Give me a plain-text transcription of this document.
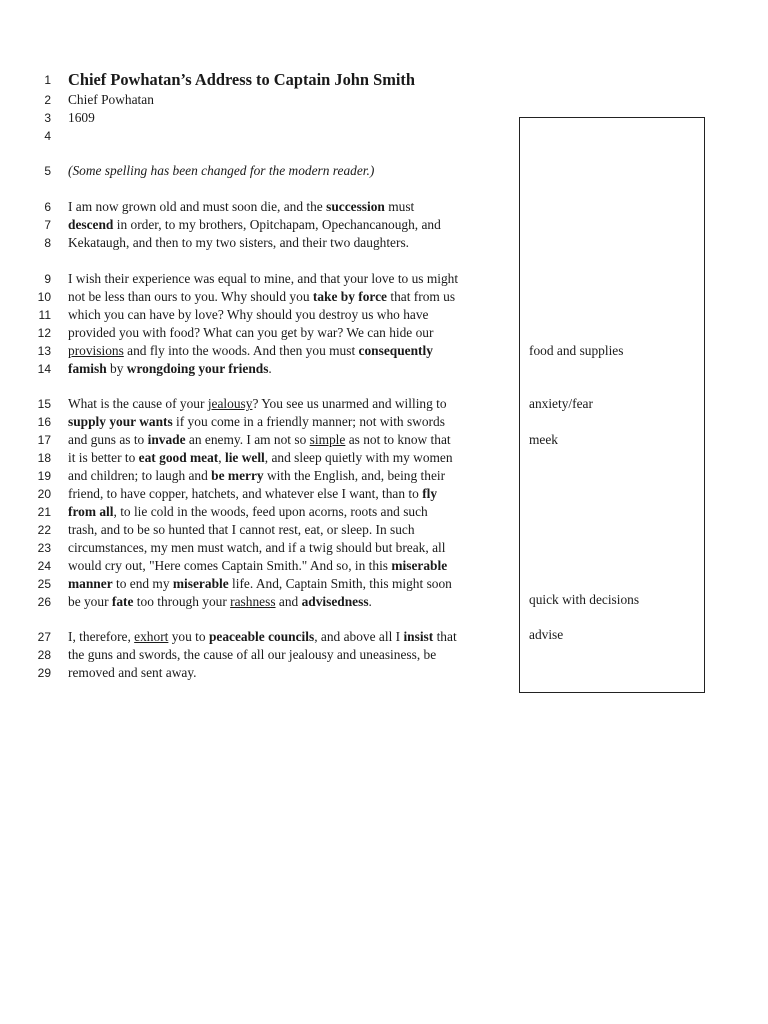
1
2
3
4
5
6
7
8
9
10
11
12
13
14
15
16
17
18
19
20
21
22
23
24
25
26
27
28
29
Chief Powhatan’s Address to Captain John Smith
Chief Powhatan
1609
(Some spelling has been changed for the modern reader.)
I am now grown old and must soon die, and the succession must
descend in order, to my brothers, Opitchapam, Opechancanough, and
Kekataugh, and then to my two sisters, and their two daughters.
I wish their experience was equal to mine, and that your love to us might
not be less than ours to you. Why should you take by force that from us
which you can have by love? Why should you destroy us who have
provided you with food? What can you get by war? We can hide our
provisions and fly into the woods. And then you must consequently
famish by wrongdoing your friends.
What is the cause of your jealousy? You see us unarmed and willing to
supply your wants if you come in a friendly manner; not with swords
and guns as to invade an enemy. I am not so simple as not to know that
it is better to eat good meat, lie well, and sleep quietly with my women
and children; to laugh and be merry with the English, and, being their
friend, to have copper, hatchets, and whatever else I want, than to fly
from all, to lie cold in the woods, feed upon acorns, roots and such
trash, and to be so hunted that I cannot rest, eat, or sleep. In such
circumstances, my men must watch, and if a twig should but break, all
would cry out, "Here comes Captain Smith." And so, in this miserable
manner to end my miserable life. And, Captain Smith, this might soon
be your fate too through your rashness and advisedness.
I, therefore, exhort you to peaceable councils, and above all I insist that
the guns and swords, the cause of all our jealousy and uneasiness, be
removed and sent away.
food and supplies
anxiety/fear
meek
quick with decisions
advise
